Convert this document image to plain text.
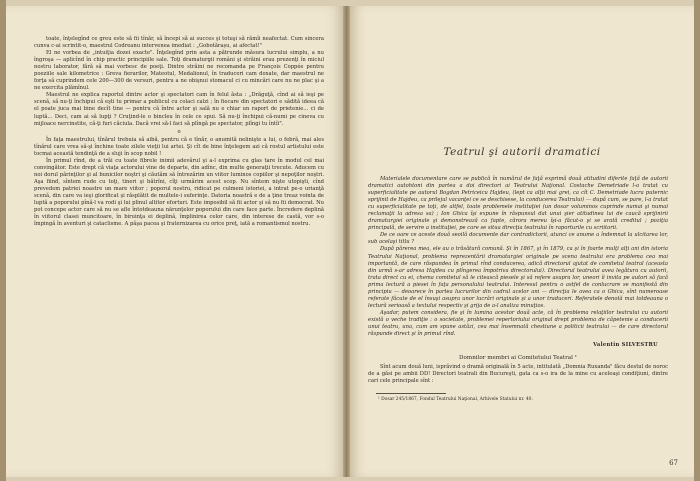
toate, înţelegînd ce greu este să fii tînăr, să începi să ai succes şi totuşi să rămîi neafectat. Cum sincera cunva c-ai scrintit-o, maestrul Codreanu intervenea imediat : „Gobotărașu, ai afectat!"

El ne vorbea de „intuiţia dozei exacte". Înţelegînd prin asta a pătrunde măsura lucrului simplu, a nu îngroşa — aplicînd în chip practic principiile sale. Toţi dramaturgii români şi străini erau prezenţi în miciul nostru laborator, fără să mai vorbesc de poeţi. Dintre străini ne recomanda pe François Coppée pentru poeziile sale kilometrice : Greva fierarilor, Mateotul, Medalionul, în traduceri cam doxate, dar maestrul ne forţa să cuprindem cele 200—300 de versuri, pentru a ne obişnui stomacul ci cu mincări care nu ne plac şi a ne exercita plămînul.

Maestrul ne explica raportul dintre actor şi spectatori cam în felul ăsta : „Drăguţă, cînd ai să ieşi pe scenă, să nu-ţi închipui că eşti tu primar a publicul cu colaci calzi ; în fiecare din spectatori e sădită ideea că el poate juca mai bine decît tine — pentru că între actor şi sală nu e chiar un raport de prietenie... ci de luptă... Deci, cam ai să lupţi ? Cruţind-le o bincleu în cele ce spui. Să nu-ţi închipui că-numi pe cineva cu mijloace nercinstite, că-ţi furi căciula. Dacă vrei să-l faci să plîngă pe spectator, plîngi tu întîi".

o

În faţa maestrului, tînărul trebuia să aibă, pentru că e tînăr, o anumită nelinişte a lui, o febră, mai ales tînărul care vrea să-şi închine toate zilele vieţii lui artei. Şi cît de bine înţelegem azi că rostul artistului este tocmai această tendinţă de a sluji în scop nobil !

În primul rînd, de a trăi cu toate fibrele inimii adevărul şi a-l exprima cu glas tare în modul cel mai convingător. Este drept că viaţa actorului vine de departe, din adînc, din multe generaţii trecute. Aducem cu noi dorul părinţilor şi al bunicilor noştri şi căutăm să întrezărim un viitor luminos copiilor şi nepoţilor noştri. Aşa fiind, sîntem rude cu toţi, tineri şi bătrîni, cîţi urmărim acest scop. Nu sîntem nişte utopişti, cînd prevedem patriei noastre un mare viitor ; poporul nostru, ridicat pe culmeni istoriei, a intrat pe-o urianţă scenă, din care va ieşi glorificat şi răsplătit de multele-i suferinţe. Datoria noastră e de a ţine treaz vointa de luptă a poporului pînă-l va rodi şi lui plinul altitor eforturi. Este imposibil să fii actor şi să nu fii democrat. Nu pot concepe actor care să nu se afle întotdeauna nărunţelor poporului din care face parte. Încredere deplină în viitorul clasei muncitoare, în biruinţa ei deplină, împlinirea celor care, din interese de castă, vor s-o împingă în aventuri şi cataclisme. A păşa pacea şi fraternizarea cu orice preţ, iată a romantismul nostru.

Teatrul şi autorii dramatici

Materialele documentare care se publică în numărul de faţă exprimă două atitudini diferite faţă de autorii dramatici autohtoni din partea a doi directori ai Teatrului Naţional. Costache Demetriade l-a tratat cu superficialitate pe autorul Bogdan Petriceicu Hajdeu, (lept ca alţii mai grei, ca cît C. Demetriade lucra puternic sprijinit de Hajdeu, ca prilejul vacanţei ce se deschisese, la conducerea Teatrului) — după cum, se pare, l-a tratat cu superficialitate pe toţi, de altfel, toate problemele instituţiei (un dosar voluminos cuprinde numai şi numai reclamaţii la adresa sa) ; Ion Ghica îşi expune în răspunsul dat unui şier atitudinea lui de caucă sprijinirii dramaturgiei originale şi demonstrează ca fapte, cărora mereu îşi-a făcut-o şi se arată creditul ; poziţia principală, de servire a instituţiei, pe care se situa direcţia teatrului în raporturile cu scriitorii.

De ce oare ce aceste două seoilă documente dar contradictorii, atunci ce anume a îndemnat la ulcitarea lor, sub acelaşi titlu ?

După părerea mea, ele au o trăsătură comună. Şi în 1867, şi în 1879, ca şi în foarte mulţi alţi ani din istoria Teatrului Naţional, problema reprezentării dramaturgiei originale pe scena teatrului era problema cea mai importantă, de care răspundea în primul rînd conducerea, adică directorul ajutat de comitetul teatral (aceasta din urmă s-ar adresa Hajdeu cu plîngerea împotriva directorului). Directorul teatrului avea legătura cu autorii, trata direct cu ei, chema comitetul să le citească piesele şi să refere asupra lor, uneori îi invita pe autori să facă prima lectură a piesei în faţa personalului teatrului. Interesul pentru o astfel de conlucrare se manifestă din principiu — deoarece în partea lucrurilor din cadrul acelor ani — direcţia le avea ca o Ghica, sînt numeroase referate făcute de el însuşi asupra unor lucrări originale şi a unor traduceri. Referatele denotă mai totdeauna o lectură serioasă a textului respectiv şi grija de a-l analiza minuţios.

Aşadar, putem considera, fie şi în lumina acestor două acte, că în problema relaţiilor teatrului cu autorii există o veche tradiţie : o societate, problemei repertoriului original drept problema de căpetenie a conducerii unui teatru, una, cum am spune astăzi, cea mai însemnată chestiune a politicii teatrului — de care directorul răspunde direct şi în primul rînd.

Valentin SILVESTRU

Domnilor membri ai Comitetului Teatral ¹

Sînt acum două luni, isprăvind o dramă originală în 5 acte, intitulată „Domnia Ruxanda" făcu destul de noroc de a găsi pe ambii DD! Directori teatrali din Bucureşti, gata ca s-o ira de la mine cu aceleaşi condiţiuni, dintre cari cele principale sînt :

¹ Dosar 245/1867, Fondul Teatrului Naţional, Arhivele Statului nr. 40.

67
